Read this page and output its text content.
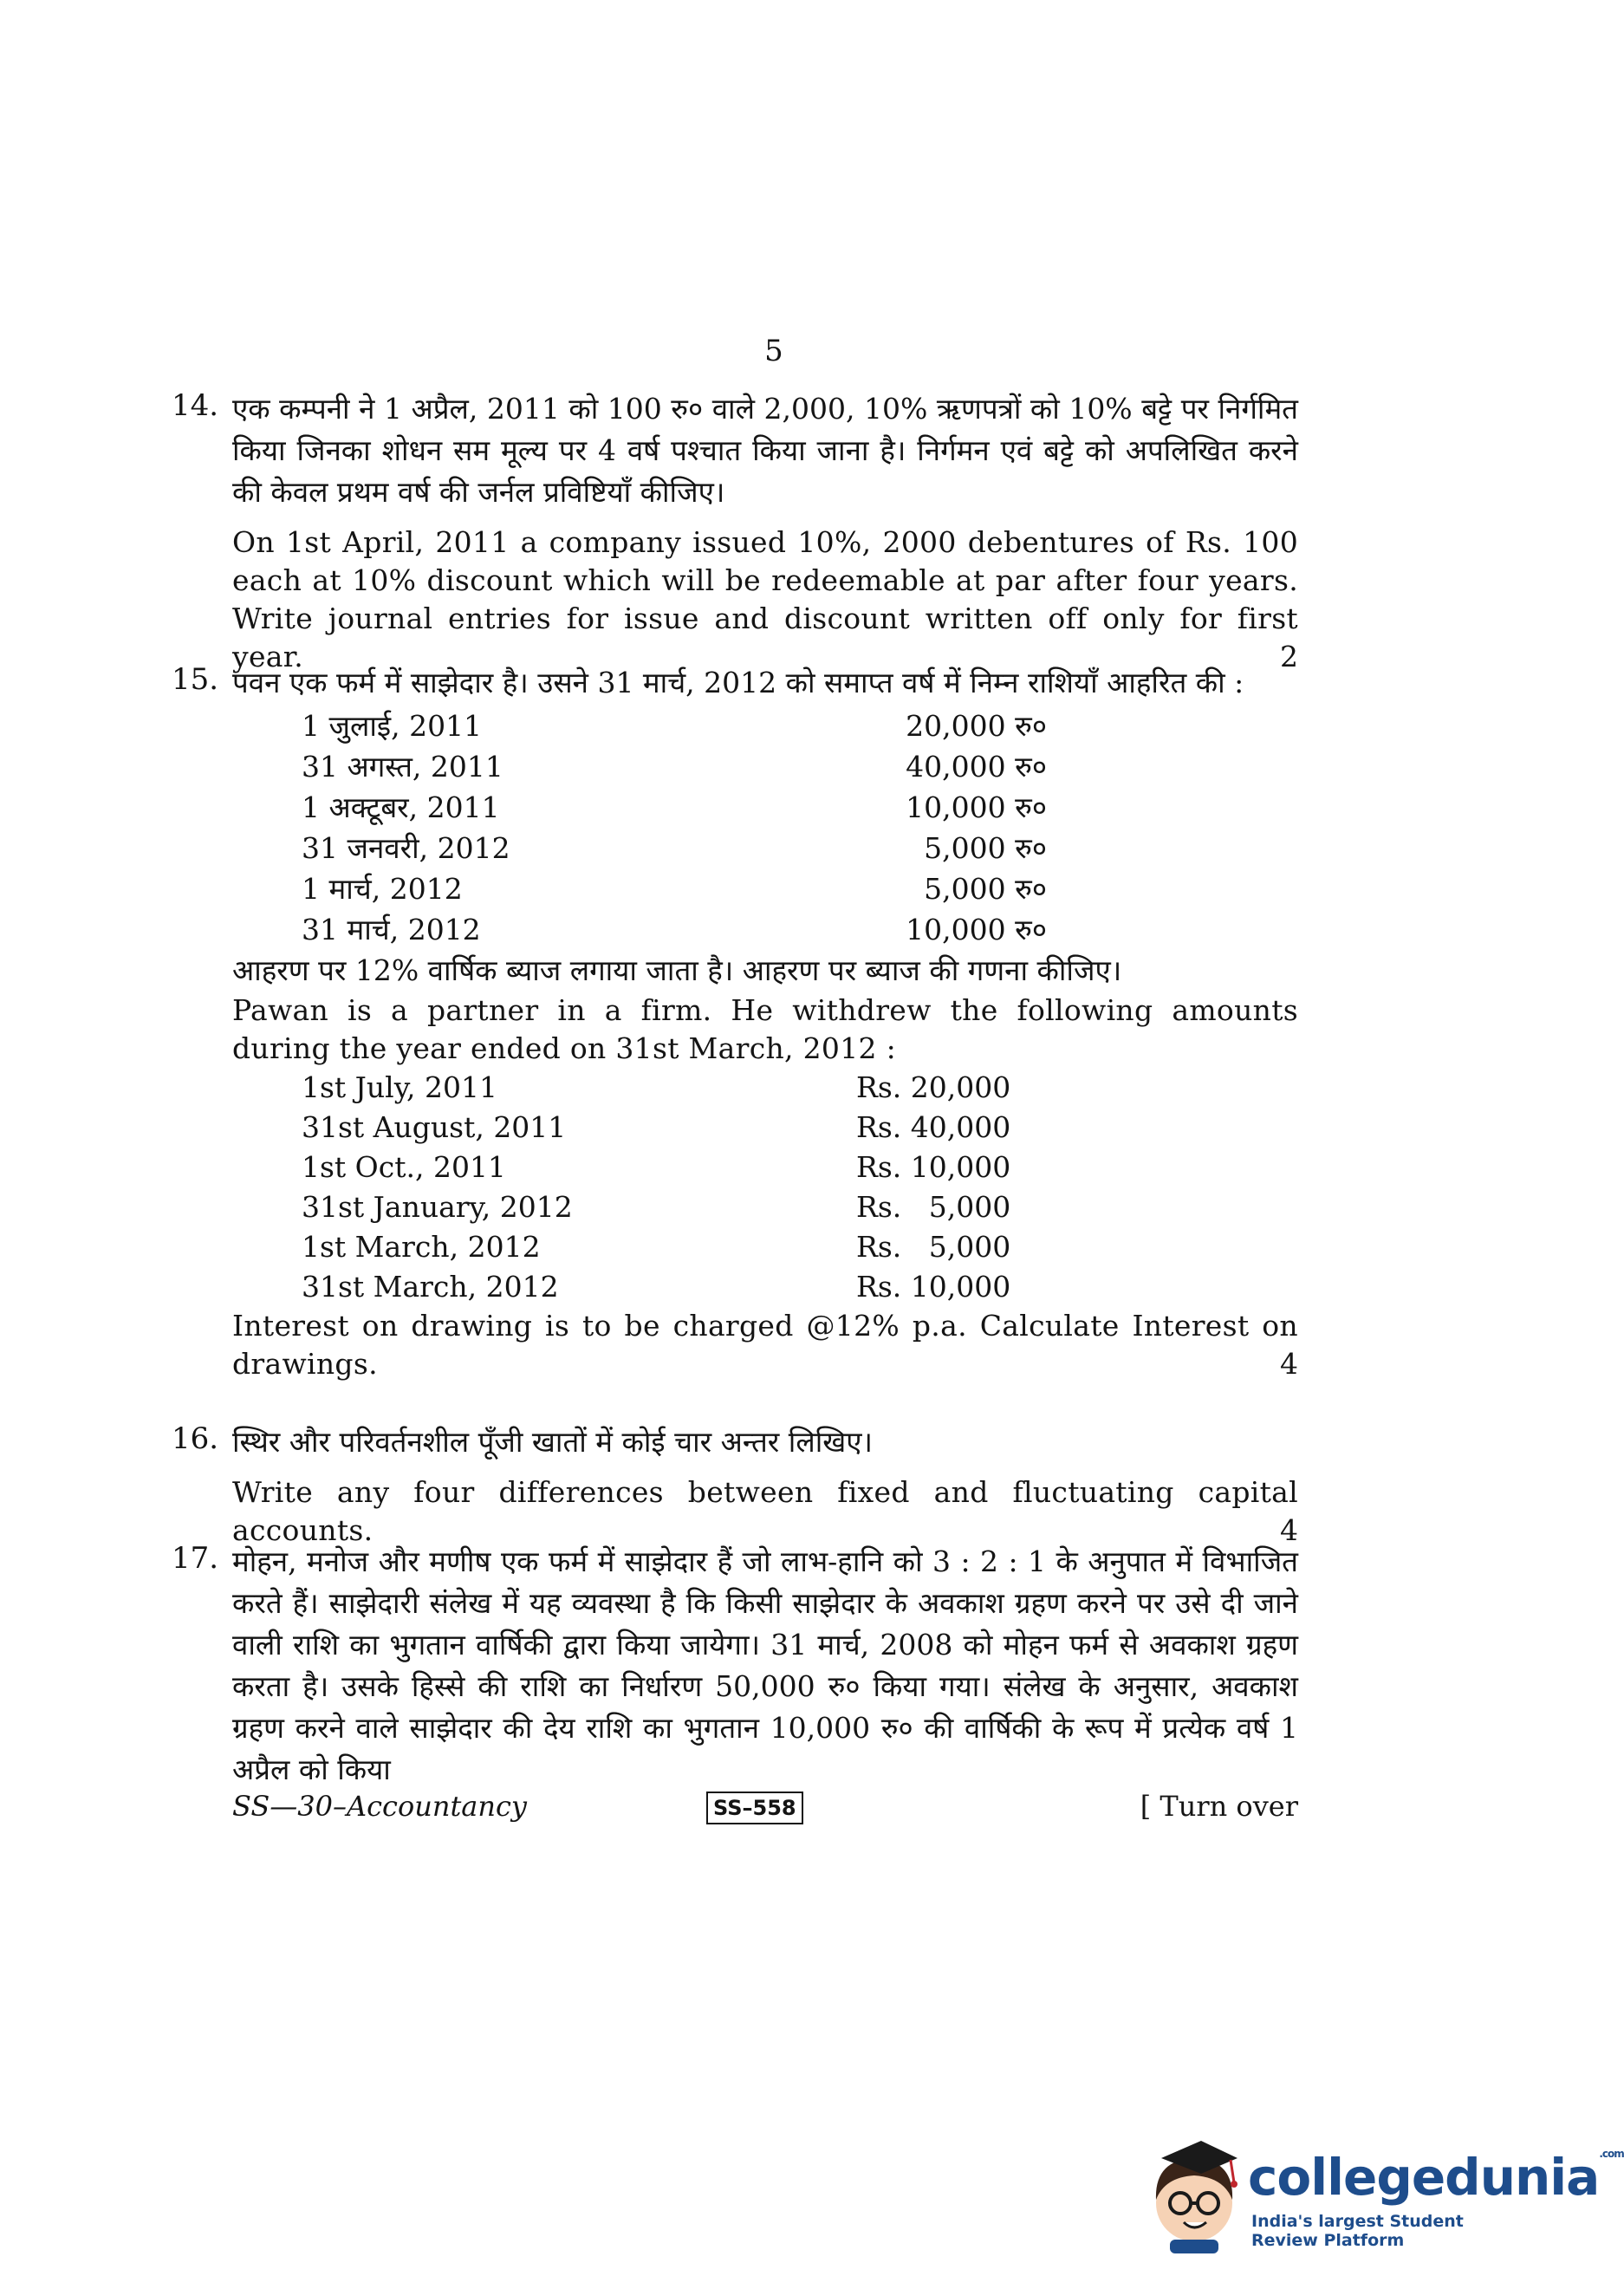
5
14. एक कम्पनी ने 1 अप्रैल, 2011 को 100 रु० वाले 2,000, 10% ऋणपत्रों को 10% बट्टे पर निर्गमित किया जिनका शोधन सम मूल्य पर 4 वर्ष पश्चात किया जाना है। निर्गमन एवं बट्टे को अपलिखित करने की केवल प्रथम वर्ष की जर्नल प्रविष्टियाँ कीजिए।

On 1st April, 2011 a company issued 10%, 2000 debentures of Rs. 100 each at 10% discount which will be redeemable at par after four years. Write journal entries for issue and discount written off only for first year.	2
15. पवन एक फर्म में साझेदार है। उसने 31 मार्च, 2012 को समाप्त वर्ष में निम्न राशियाँ आहरित की :

1 जुलाई, 2011	20,000 रु०
31 अगस्त, 2011	40,000 रु०
1 अक्टूबर, 2011	10,000 रु०
31 जनवरी, 2012	5,000 रु०
1 मार्च, 2012	5,000 रु०
31 मार्च, 2012	10,000 रु०

आहरण पर 12% वार्षिक ब्याज लगाया जाता है। आहरण पर ब्याज की गणना कीजिए।

Pawan is a partner in a firm. He withdrew the following amounts during the year ended on 31st March, 2012 :

1st July, 2011	Rs. 20,000
31st August, 2011	Rs. 40,000
1st Oct., 2011	Rs. 10,000
31st January, 2012	Rs.   5,000
1st March, 2012	Rs.   5,000
31st March, 2012	Rs. 10,000

Interest on drawing is to be charged @12% p.a. Calculate Interest on drawings.	4
16. स्थिर और परिवर्तनशील पूँजी खातों में कोई चार अन्तर लिखिए।

Write any four differences between fixed and fluctuating capital accounts.	4
17. मोहन, मनोज और मणीष एक फर्म में साझेदार हैं जो लाभ-हानि को 3 : 2 : 1 के अनुपात में विभाजित करते हैं। साझेदारी संलेख में यह व्यवस्था है कि किसी साझेदार के अवकाश ग्रहण करने पर उसे दी जाने वाली राशि का भुगतान वार्षिकी द्वारा किया जायेगा। 31 मार्च, 2008 को मोहन फर्म से अवकाश ग्रहण करता है। उसके हिस्से की राशि का निर्धारण 50,000 रु० किया गया। संलेख के अनुसार, अवकाश ग्रहण करने वाले साझेदार की देय राशि का भुगतान 10,000 रु० की वार्षिकी के रूप में प्रत्येक वर्ष 1 अप्रैल को किया

SS—30–Accountancy	SS–558	[ Turn over
collegedunia$^{.com}$
India's largest Student Review Platform
